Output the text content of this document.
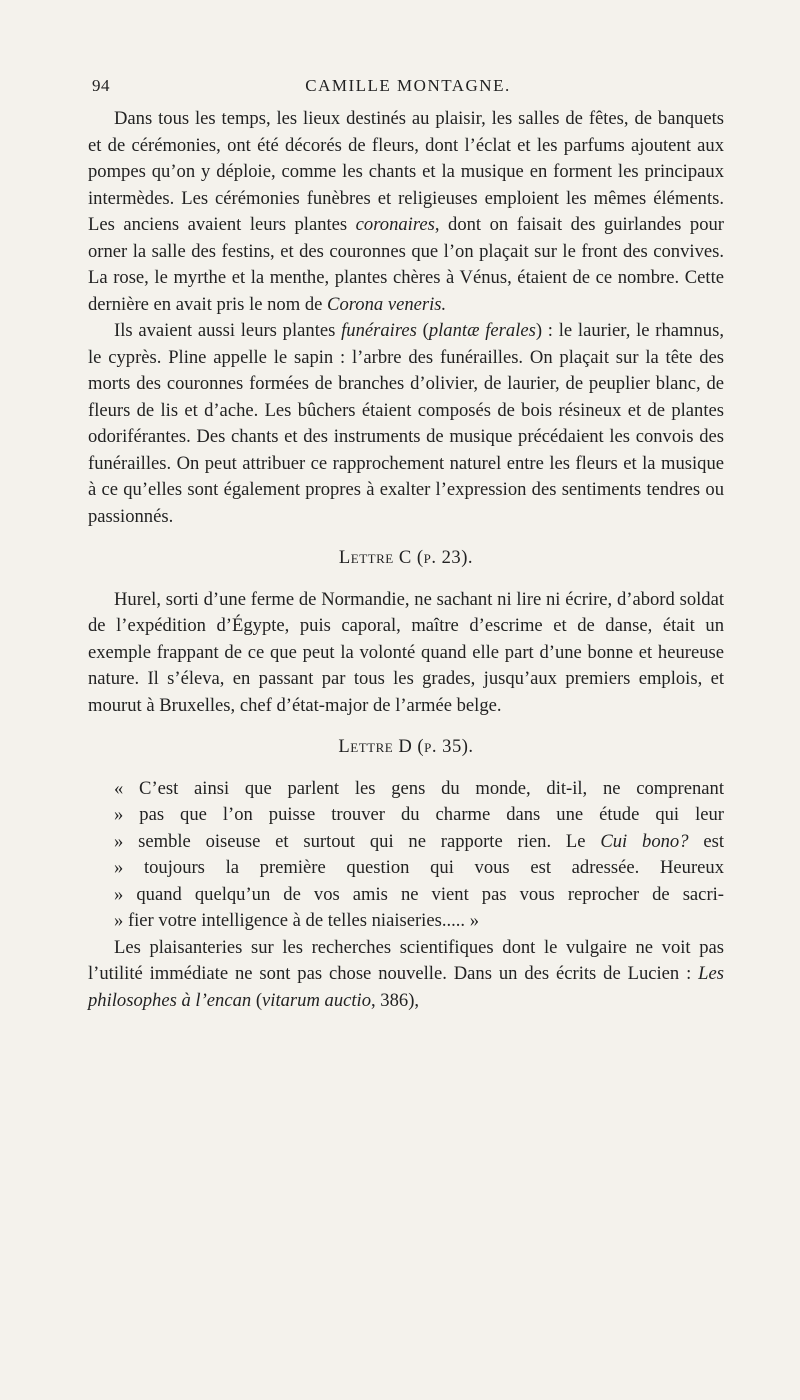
94	CAMILLE MONTAGNE.

Dans tous les temps, les lieux destinés au plaisir, les salles de fêtes, de banquets et de cérémonies, ont été décorés de fleurs, dont l’éclat et les parfums ajoutent aux pompes qu’on y déploie, comme les chants et la musique en forment les principaux intermèdes. Les cérémonies funèbres et religieuses emploient les mêmes éléments. Les anciens avaient leurs plantes coronaires, dont on faisait des guirlandes pour orner la salle des festins, et des couronnes que l’on plaçait sur le front des convives. La rose, le myrthe et la menthe, plantes chères à Vénus, étaient de ce nombre. Cette dernière en avait pris le nom de Corona veneris.

Ils avaient aussi leurs plantes funéraires (plantæ ferales) : le laurier, le rhamnus, le cyprès. Pline appelle le sapin : l’arbre des funérailles. On plaçait sur la tête des morts des couronnes formées de branches d’olivier, de laurier, de peuplier blanc, de fleurs de lis et d’ache. Les bûchers étaient composés de bois résineux et de plantes odoriférantes. Des chants et des instruments de musique précédaient les convois des funérailles. On peut attribuer ce rapprochement naturel entre les fleurs et la musique à ce qu’elles sont également propres à exalter l’expression des sentiments tendres ou passionnés.

Lettre C (p. 23).

Hurel, sorti d’une ferme de Normandie, ne sachant ni lire ni écrire, d’abord soldat de l’expédition d’Égypte, puis caporal, maître d’escrime et de danse, était un exemple frappant de ce que peut la volonté quand elle part d’une bonne et heureuse nature. Il s’éleva, en passant par tous les grades, jusqu’aux premiers emplois, et mourut à Bruxelles, chef d’état-major de l’armée belge.

Lettre D (p. 35).
« C’est ainsi que parlent les gens du monde, dit-il, ne comprenant
» pas que l’on puisse trouver du charme dans une étude qui leur
» semble oiseuse et surtout qui ne rapporte rien. Le Cui bono? est
» toujours la première question qui vous est adressée. Heureux
» quand quelqu’un de vos amis ne vient pas vous reprocher de sacri-
» fier votre intelligence à de telles niaiseries..... »

Les plaisanteries sur les recherches scientifiques dont le vulgaire ne voit pas l’utilité immédiate ne sont pas chose nouvelle. Dans un des écrits de Lucien : Les philosophes à l’encan (vitarum auctio, 386),
